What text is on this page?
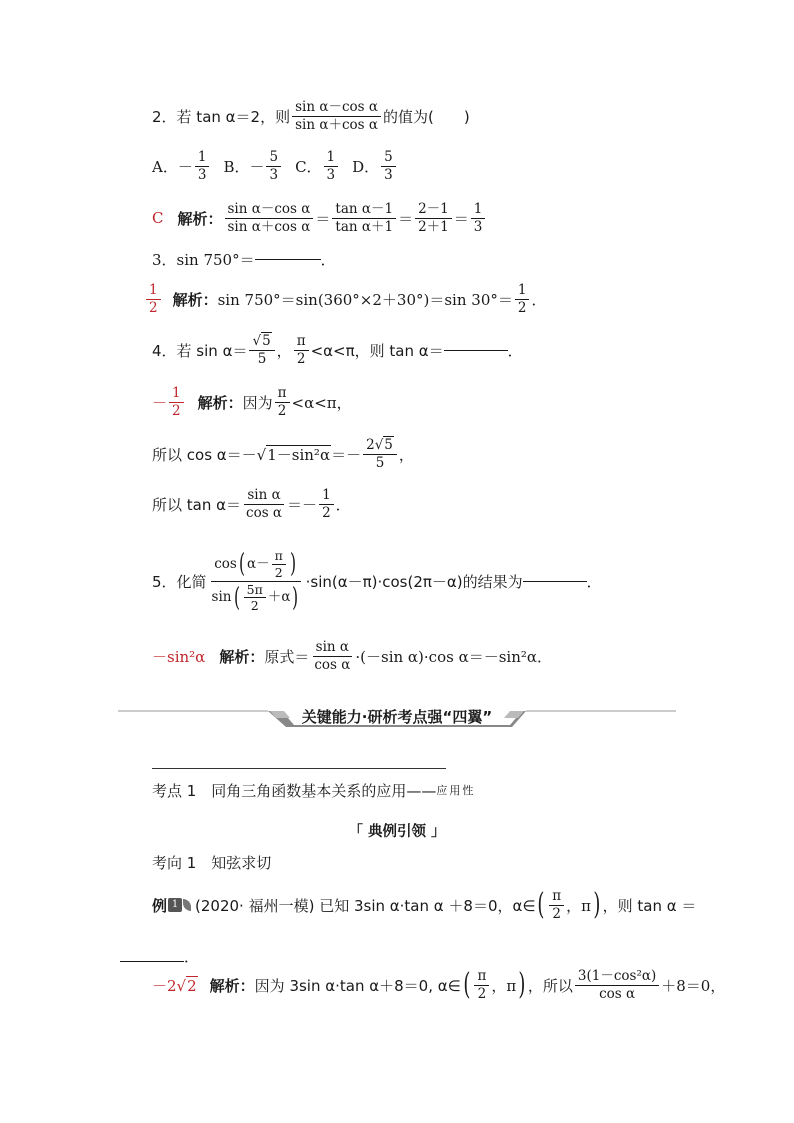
2．若 tan α＝2，则 $\frac{\text{sin α－cos α}}{\text{sin α＋cos α}}$ 的值为(　　)
A．－ $\frac{1}{3}$ B．－ $\frac{5}{3}$ C． $\frac{1}{3}$ D． $\frac{5}{3}$
C 解析： $\frac{\text{sin α－cos α}}{\text{sin α＋cos α}} = \frac{\text{tan α－1}}{\text{tan α＋1}} = \frac{2-1}{2+1} = \frac{1}{3}$
3．sin 750°＝	．
$\frac{1}{2}$ 解析： sin 750°＝sin(360°×2＋30°)＝sin $30^\circ= \frac{1}{2}$ ．
4．若 $\sin \alpha= \frac{√5}{5}$ ， $\frac{\pi}{2} <\alpha<\pi$，则 tan α＝	．
－ $\frac{1}{2}$ 解析： 因为 $\frac{\pi}{2} <\alpha<\pi$，
所以 $\cos \alpha=- √1-\sin^2\alpha =- \frac{2√5}{5}$ ，
所以 $\tan \alpha= \frac{\text{sin α}}{\text{cos α}} =- \frac{1}{2}$ ．
5．化简
cos ( $\alpha- \frac{\pi}{2}$ )
sin ( $\frac{5\pi}{2} +\alpha$ )
·sin(α－π)·cos(2π－α)的结果为	．
－sin²α 解析： 原式＝ $\frac{\text{sin α}}{\text{cos α}} \cdot(-\sin$ α)·cos α＝－sin²α．
关键能力·研析考点强“四翼”
考点 1　同角三角函数基本关系的应用—— 应用性
「 典例引领 」
考向 1　知弦求切
例 1 (2020· 福州一模) 已知 3sin α·tan α ＋8＝0，α∈ ( $\frac{\pi}{2}$ ，π ) ，则 tan α ＝
．
－2√2 解析： 因为 3sin α·tan α＋8＝0, α∈ ( $\frac{\pi}{2}$ ，π ) ，所以 $\frac{\text{3(1－cos²α)}}{\text{cos α}} +8=0$，
